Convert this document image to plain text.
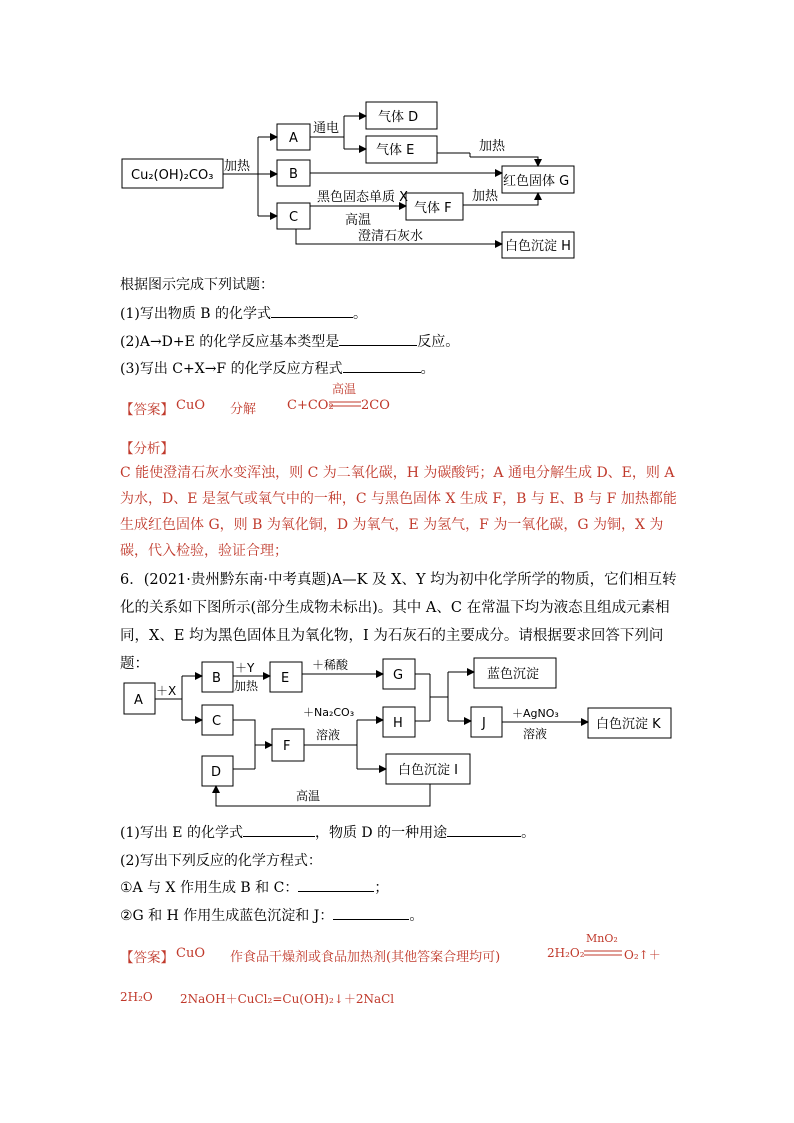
Cu₂(OH)₂CO₃
A
B
C
气体 D
气体 E
气体 F
红色固体 G
白色沉淀 H
加热
通电
加热
黑色固态单质 X
高温
加热
澄清石灰水
根据图示完成下列试题：
(1)写出物质 B 的化学式	。
(2)A→D+E 的化学反应基本类型是	反应。
(3)写出 C+X→F 的化学反应方程式	。
【答案】 CuO 分解 C+CO₂
高温
2CO
【分析】
C 能使澄清石灰水变浑浊，则 C 为二氧化碳，H 为碳酸钙；A 通电分解生成 D、E，则 A 为水，D、E 是氢气或氧气中的一种，C 与黑色固体 X 生成 F，B 与 E、B 与 F 加热都能生成红色固体 G，则 B 为氧化铜，D 为氧气，E 为氢气，F 为一氧化碳，G 为铜，X 为碳，代入检验，验证合理；
6．(2021·贵州黔东南·中考真题)A—K 及 X、Y 均为初中化学所学的物质，它们相互转化的关系如下图所示(部分生成物未标出)。其中 A、C 在常温下均为液态且组成元素相同，X、E 均为黑色固体且为氧化物，I 为石灰石的主要成分。请根据要求回答下列问题：
A
B
C
D
E
F
G
H
白色沉淀 I
J
蓝色沉淀
白色沉淀 K
＋X
＋Y
加热
＋稀酸
＋Na₂CO₃
溶液
＋AgNO₃
溶液
高温
(1)写出 E 的化学式	，物质 D 的一种用途	。
(2)写出下列反应的化学方程式：
①A 与 X 作用生成 B 和 C：	；
②G 和 H 作用生成蓝色沉淀和 J：	。
【答案】 CuO 作食品干燥剂或食品加热剂(其他答案合理均可)	2H₂O₂
MnO₂
O₂↑＋
2H₂O 2NaOH＋CuCl₂=Cu(OH)₂↓＋2NaCl
